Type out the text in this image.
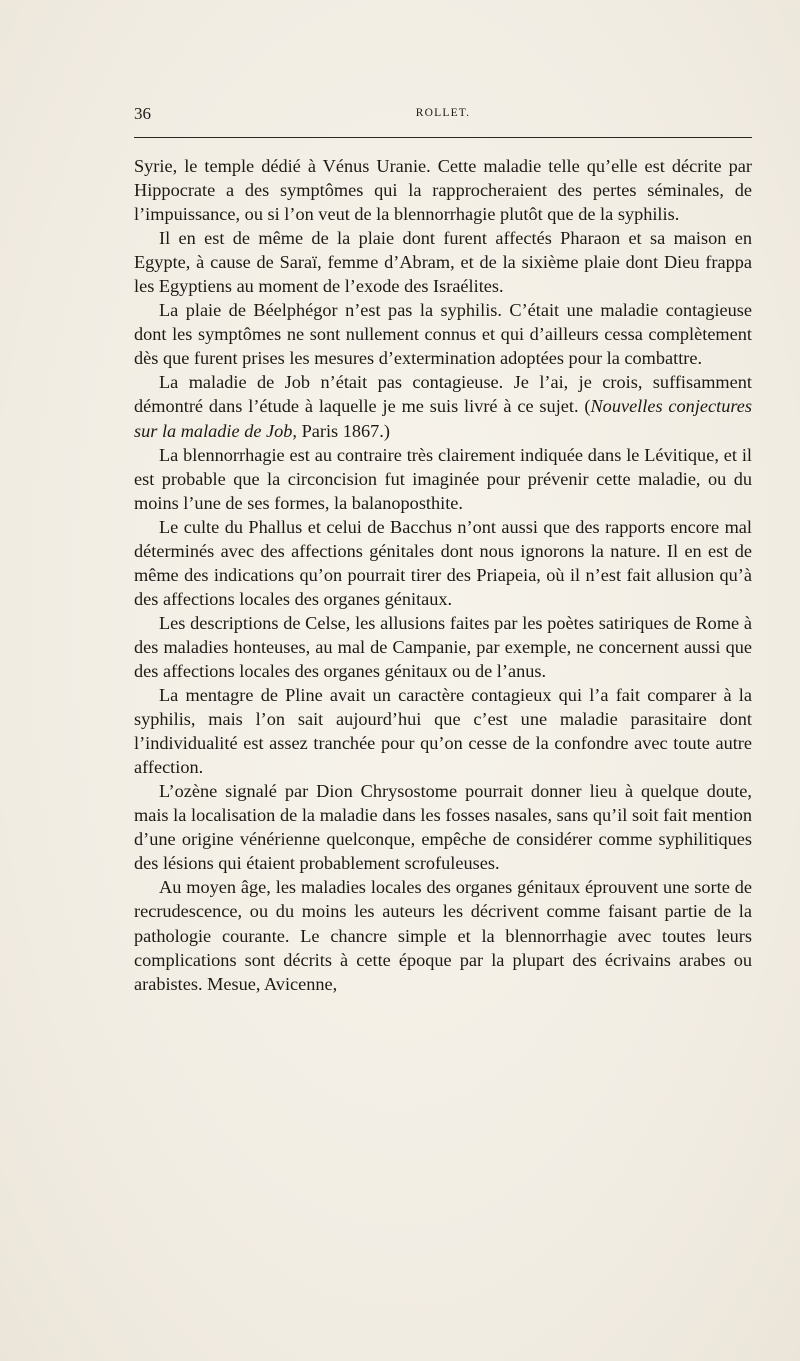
36	ROLLET.

Syrie, le temple dédié à Vénus Uranie. Cette maladie telle qu’elle est décrite par Hippocrate a des symptômes qui la rapprocheraient des pertes séminales, de l’impuissance, ou si l’on veut de la blennorrhagie plutôt que de la syphilis.

Il en est de même de la plaie dont furent affectés Pharaon et sa maison en Egypte, à cause de Saraï, femme d’Abram, et de la sixième plaie dont Dieu frappa les Egyptiens au moment de l’exode des Israélites.

La plaie de Béelphégor n’est pas la syphilis. C’était une maladie contagieuse dont les symptômes ne sont nullement connus et qui d’ailleurs cessa complètement dès que furent prises les mesures d’extermination adoptées pour la combattre.

La maladie de Job n’était pas contagieuse. Je l’ai, je crois, suffisamment démontré dans l’étude à laquelle je me suis livré à ce sujet. (Nouvelles conjectures sur la maladie de Job, Paris 1867.)

La blennorrhagie est au contraire très clairement indiquée dans le Lévitique, et il est probable que la circoncision fut imaginée pour prévenir cette maladie, ou du moins l’une de ses formes, la balanoposthite.

Le culte du Phallus et celui de Bacchus n’ont aussi que des rapports encore mal déterminés avec des affections génitales dont nous ignorons la nature. Il en est de même des indications qu’on pourrait tirer des Priapeia, où il n’est fait allusion qu’à des affections locales des organes génitaux.

Les descriptions de Celse, les allusions faites par les poètes satiriques de Rome à des maladies honteuses, au mal de Campanie, par exemple, ne concernent aussi que des affections locales des organes génitaux ou de l’anus.

La mentagre de Pline avait un caractère contagieux qui l’a fait comparer à la syphilis, mais l’on sait aujourd’hui que c’est une maladie parasitaire dont l’individualité est assez tranchée pour qu’on cesse de la confondre avec toute autre affection.

L’ozène signalé par Dion Chrysostome pourrait donner lieu à quelque doute, mais la localisation de la maladie dans les fosses nasales, sans qu’il soit fait mention d’une origine vénérienne quelconque, empêche de considérer comme syphilitiques des lésions qui étaient probablement scrofuleuses.

Au moyen âge, les maladies locales des organes génitaux éprouvent une sorte de recrudescence, ou du moins les auteurs les décrivent comme faisant partie de la pathologie courante. Le chancre simple et la blennorrhagie avec toutes leurs complications sont décrits à cette époque par la plupart des écrivains arabes ou arabistes. Mesue, Avicenne,
